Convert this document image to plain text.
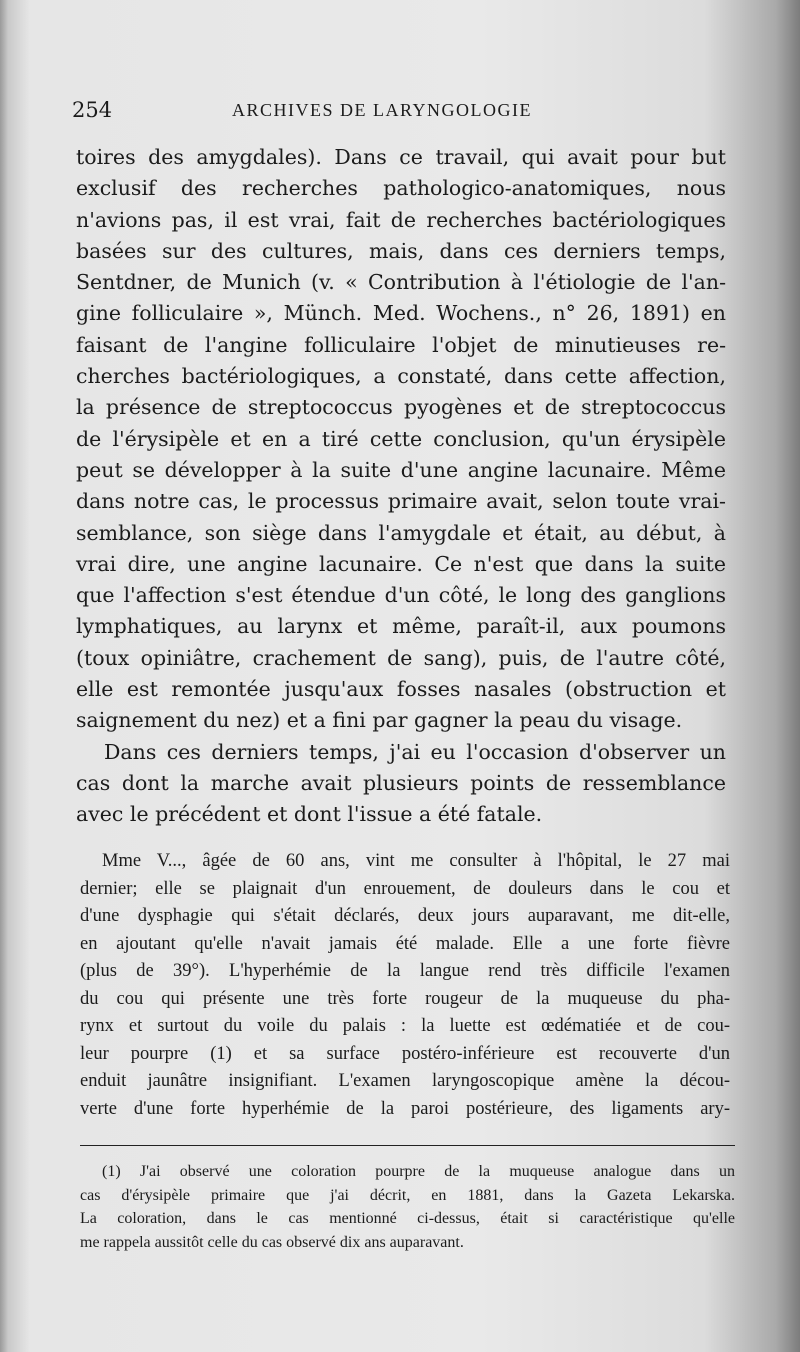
254	ARCHIVES DE LARYNGOLOGIE
toires des amygdales). Dans ce travail, qui avait pour but
exclusif des recherches pathologico-anatomiques, nous
n'avions pas, il est vrai, fait de recherches bactériologiques
basées sur des cultures, mais, dans ces derniers temps,
Sentdner, de Munich (v. « Contribution à l'étiologie de l'an-
gine folliculaire », Münch. Med. Wochens., n° 26, 1891) en
faisant de l'angine folliculaire l'objet de minutieuses re-
cherches bactériologiques, a constaté, dans cette affection,
la présence de streptococcus pyogènes et de streptococcus
de l'érysipèle et en a tiré cette conclusion, qu'un érysipèle
peut se développer à la suite d'une angine lacunaire. Même
dans notre cas, le processus primaire avait, selon toute vrai-
semblance, son siège dans l'amygdale et était, au début, à
vrai dire, une angine lacunaire. Ce n'est que dans la suite
que l'affection s'est étendue d'un côté, le long des ganglions
lymphatiques, au larynx et même, paraît-il, aux poumons
(toux opiniâtre, crachement de sang), puis, de l'autre côté,
elle est remontée jusqu'aux fosses nasales (obstruction et
saignement du nez) et a fini par gagner la peau du visage.
Dans ces derniers temps, j'ai eu l'occasion d'observer un
cas dont la marche avait plusieurs points de ressemblance
avec le précédent et dont l'issue a été fatale.
Mme V..., âgée de 60 ans, vint me consulter à l'hôpital, le 27 mai
dernier; elle se plaignait d'un enrouement, de douleurs dans le cou et
d'une dysphagie qui s'était déclarés, deux jours auparavant, me dit-elle,
en ajoutant qu'elle n'avait jamais été malade. Elle a une forte fièvre
(plus de 39°). L'hyperhémie de la langue rend très difficile l'examen
du cou qui présente une très forte rougeur de la muqueuse du pha-
rynx et surtout du voile du palais : la luette est œdématiée et de cou-
leur pourpre (1) et sa surface postéro-inférieure est recouverte d'un
enduit jaunâtre insignifiant. L'examen laryngoscopique amène la décou-
verte d'une forte hyperhémie de la paroi postérieure, des ligaments ary-
(1) J'ai observé une coloration pourpre de la muqueuse analogue dans un
cas d'érysipèle primaire que j'ai décrit, en 1881, dans la Gazeta Lekarska.
La coloration, dans le cas mentionné ci-dessus, était si caractéristique qu'elle
me rappela aussitôt celle du cas observé dix ans auparavant.
